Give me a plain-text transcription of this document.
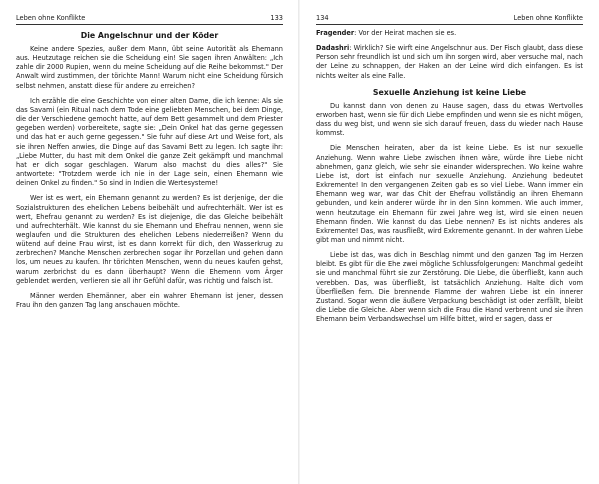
Leben ohne Konflikte	133
Die Angelschnur und der Köder

Keine andere Spezies, außer dem Mann, übt seine Autorität als Ehemann aus. Heutzutage reichen sie die Scheidung ein! Sie sagen ihren Anwälten: „Ich zahle dir 2000 Rupien, wenn du meine Scheidung auf die Reihe bekommst." Der Anwalt wird zustimmen, der törichte Mann! Warum nicht eine Scheidung fürsich selbst nehmen, anstatt diese für andere zu erreichen?

Ich erzähle die eine Geschichte von einer alten Dame, die ich kenne: Als sie das Savami (ein Ritual nach dem Tode eine geliebten Menschen, bei dem Dinge, die der Verschiedene gemocht hatte, auf dem Bett gesammelt und dem Priester gegeben werden) vorbereitete, sagte sie: „Dein Onkel hat das gerne gegessen und das hat er auch gerne gegessen." Sie fuhr auf diese Art und Weise fort, als sie ihren Neffen anwies, die Dinge auf das Savami Bett zu legen. Ich sagte ihr: „Liebe Mutter, du hast mit dem Onkel die ganze Zeit gekämpft und manchmal hat er dich sogar geschlagen. Warum also machst du dies alles?" Sie antwortete: "Trotzdem werde ich nie in der Lage sein, einen Ehemann wie deinen Onkel zu finden." So sind in Indien die Wertesysteme!

Wer ist es wert, ein Ehemann genannt zu werden? Es ist derjenige, der die Sozialstrukturen des ehelichen Lebens beibehält und aufrechterhält. Wer ist es wert, Ehefrau genannt zu werden? Es ist diejenige, die das Gleiche beibehält und aufrechterhält. Wie kannst du sie Ehemann und Ehefrau nennen, wenn sie weglaufen und die Strukturen des ehelichen Lebens niederreißen? Wenn du wütend auf deine Frau wirst, ist es dann korrekt für dich, den Wasserkrug zu zerbrechen? Manche Menschen zerbrechen sogar ihr Porzellan und gehen dann los, um neues zu kaufen. Ihr törichten Menschen, wenn du neues kaufen gehst, warum zerbrichst du es dann überhaupt? Wenn die Ehemenn vom Ärger geblendet werden, verlieren sie all ihr Gefühl dafür, was richtig und falsch ist.

Männer werden Ehemänner, aber ein wahrer Ehemann ist jener, dessen Frau ihn den ganzen Tag lang anschauen möchte.

134	Leben ohne Konflikte

Fragender: Vor der Heirat machen sie es.

Dadashri: Wirklich? Sie wirft eine Angelschnur aus. Der Fisch glaubt, dass diese Person sehr freundlich ist und sich um ihn sorgen wird, aber versuche mal, nach der Leine zu schnappen, der Haken an der Leine wird dich einfangen. Es ist nichts weiter als eine Falle.

Sexuelle Anziehung ist keine Liebe

Du kannst dann von denen zu Hause sagen, dass du etwas Wertvolles erworben hast, wenn sie für dich Liebe empfinden und wenn sie es nicht mögen, dass du weg bist, und wenn sie sich darauf freuen, dass du wieder nach Hause kommst.

Die Menschen heiraten, aber da ist keine Liebe. Es ist nur sexuelle Anziehung. Wenn wahre Liebe zwischen ihnen wäre, würde ihre Liebe nicht abnehmen, ganz gleich, wie sehr sie einander widersprechen. Wo keine wahre Liebe ist, dort ist einfach nur sexuelle Anziehung. Anziehung bedeutet Exkremente! In den vergangenen Zeiten gab es so viel Liebe. Wann immer ein Ehemann weg war, war das Chit der Ehefrau vollständig an ihren Ehemann gebunden, und kein anderer würde ihr in den Sinn kommen. Wie auch immer, wenn heutzutage ein Ehemann für zwei Jahre weg ist, wird sie einen neuen Ehemann finden. Wie kannst du das Liebe nennen? Es ist nichts anderes als Exkremente! Das, was rausfließt, wird Exkremente genannt. In der wahren Liebe gibt man und nimmt nicht.

Liebe ist das, was dich in Beschlag nimmt und den ganzen Tag im Herzen bleibt. Es gibt für die Ehe zwei mögliche Schlussfolgerungen: Manchmal gedeiht sie und manchmal führt sie zur Zerstörung. Die Liebe, die überfließt, kann auch verebben. Das, was überfließt, ist tatsächlich Anziehung. Halte dich vom Überfließen fern. Die brennende Flamme der wahren Liebe ist ein innerer Zustand. Sogar wenn die äußere Verpackung beschädigt ist oder zerfällt, bleibt die Liebe die Gleiche. Aber wenn sich die Frau die Hand verbrennt und sie ihren Ehemann beim Verbandswechsel um Hilfe bittet, wird er sagen, dass er
